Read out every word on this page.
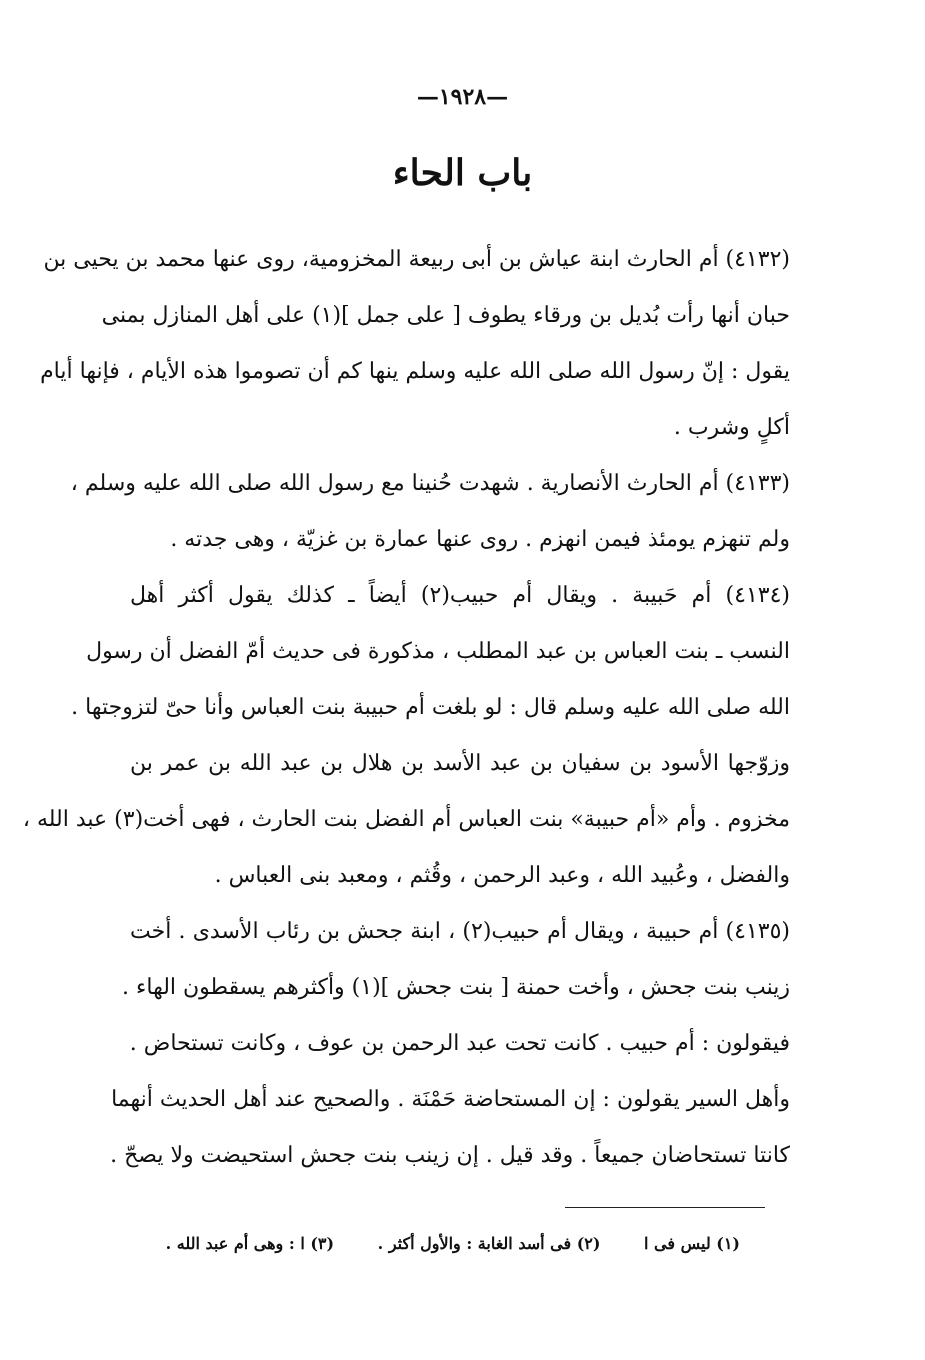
—١٩٢٨—
باب الحاء
(٤١٣٢) أم الحارث ابنة عياش بن أبى ربيعة المخزومية، روى عنها محمد بن يحيى بن
حبان أنها رأت بُديل بن ورقاء يطوف [ على جمل ](١) على أهل المنازل بمنى
يقول : إنّ رسول الله صلى الله عليه وسلم ينها كم أن تصوموا هذه الأيام ، فإنها أيام
أكلٍ وشرب .
(٤١٣٣) أم الحارث الأنصارية . شهدت حُنينا مع رسول الله صلى الله عليه وسلم ،
ولم تنهزم يومئذ فيمن انهزم . روى عنها عمارة بن غزيّة ، وهى جدته .
(٤١٣٤) أم حَبيبة . ويقال أم حبيب(٢) أيضاً ـ كذلك يقول أكثر أهل
النسب ـ بنت العباس بن عبد المطلب ، مذكورة فى حديث أمّ الفضل أن رسول
الله صلى الله عليه وسلم قال : لو بلغت أم حبيبة بنت العباس وأنا حىّ لتزوجتها .
وزوّجها الأسود بن سفيان بن عبد الأسد بن هلال بن عبد الله بن عمر بن
مخزوم . وأم «أم حبيبة» بنت العباس أم الفضل بنت الحارث ، فهى أخت(٣) عبد الله ،
والفضل ، وعُبيد الله ، وعبد الرحمن ، وقُثم ، ومعبد بنى العباس .
(٤١٣٥) أم حبيبة ، ويقال أم حبيب(٢) ، ابنة جحش بن رئاب الأسدى . أخت
زينب بنت جحش ، وأخت حمنة [ بنت جحش ](١) وأكثرهم يسقطون الهاء .
فيقولون : أم حبيب . كانت تحت عبد الرحمن بن عوف ، وكانت تستحاض .
وأهل السير يقولون : إن المستحاضة حَمْنَة . والصحيح عند أهل الحديث أنهما
كانتا تستحاضان جميعاً . وقد قيل . إن زينب بنت جحش استحيضت ولا يصحّ .
(١) ليس فى ا (٢) فى أسد الغابة : والأول أكثر . (٣) ا : وهى أم عبد الله .
